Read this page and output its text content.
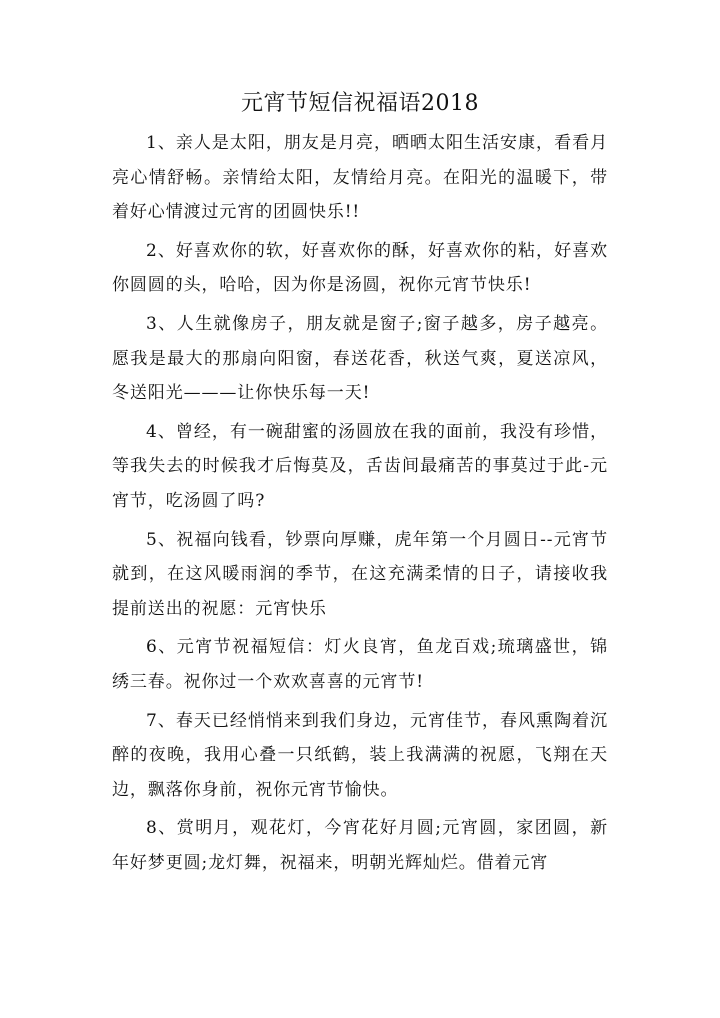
元宵节短信祝福语2018

1、亲人是太阳，朋友是月亮，晒晒太阳生活安康，看看月亮心情舒畅。亲情给太阳，友情给月亮。在阳光的温暖下，带着好心情渡过元宵的团圆快乐!!

2、好喜欢你的软，好喜欢你的酥，好喜欢你的粘，好喜欢你圆圆的头，哈哈，因为你是汤圆，祝你元宵节快乐!

3、人生就像房子，朋友就是窗子;窗子越多，房子越亮。愿我是最大的那扇向阳窗，春送花香，秋送气爽，夏送凉风，冬送阳光———让你快乐每一天!

4、曾经，有一碗甜蜜的汤圆放在我的面前，我没有珍惜，等我失去的时候我才后悔莫及，舌齿间最痛苦的事莫过于此-元宵节，吃汤圆了吗?

5、祝福向钱看，钞票向厚赚，虎年第一个月圆日--元宵节就到，在这风暖雨润的季节，在这充满柔情的日子，请接收我提前送出的祝愿：元宵快乐

6、元宵节祝福短信：灯火良宵，鱼龙百戏;琉璃盛世，锦绣三春。祝你过一个欢欢喜喜的元宵节!

7、春天已经悄悄来到我们身边，元宵佳节，春风熏陶着沉醉的夜晚，我用心叠一只纸鹤，装上我满满的祝愿，飞翔在天边，飘落你身前，祝你元宵节愉快。

8、赏明月，观花灯，今宵花好月圆;元宵圆，家团圆，新年好梦更圆;龙灯舞，祝福来，明朝光辉灿烂。借着元宵
